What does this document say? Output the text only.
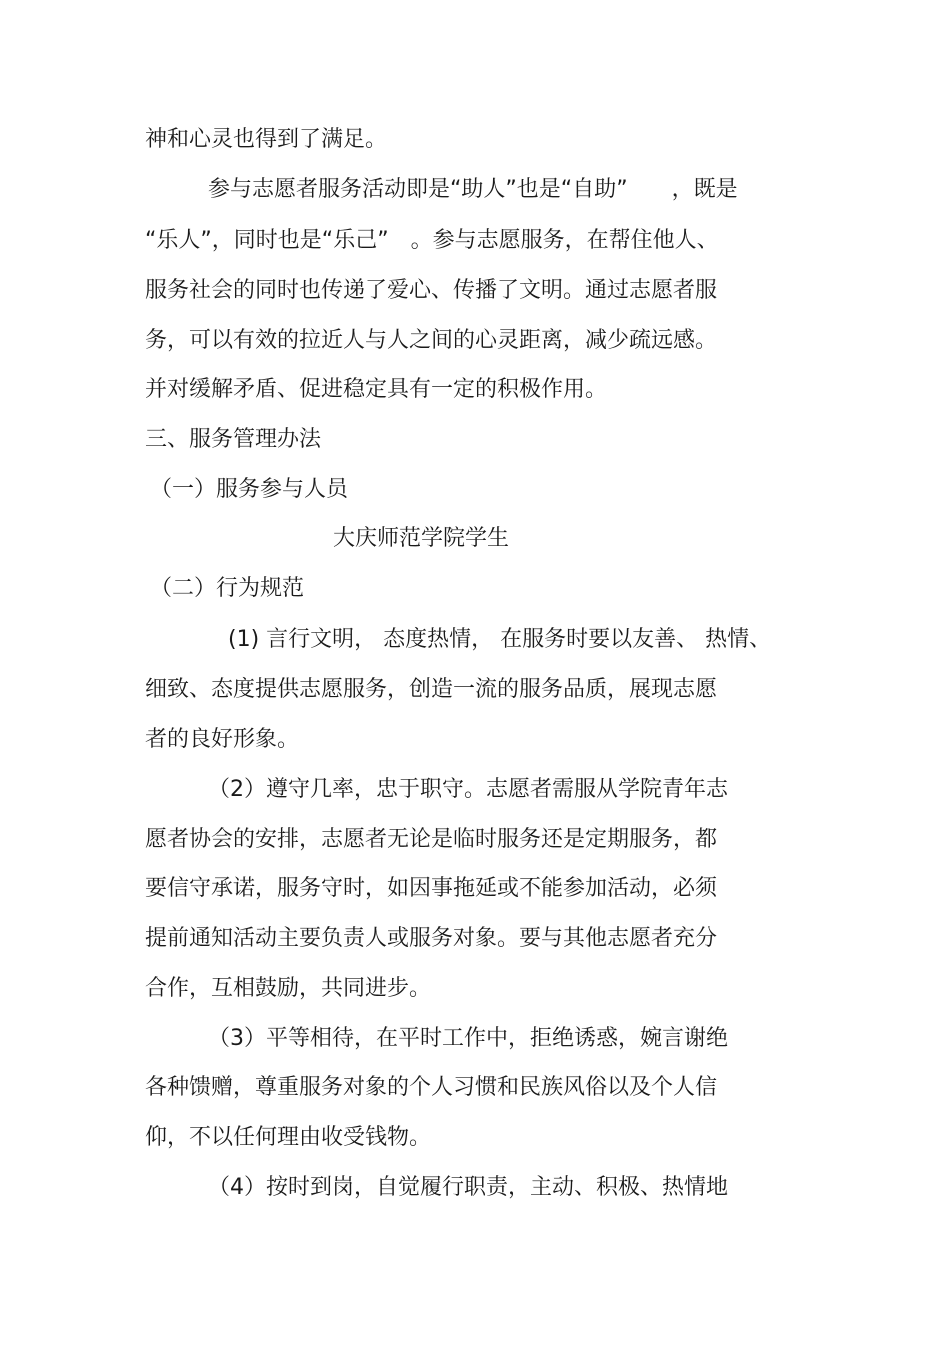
神和心灵也得到了满足。
参与志愿者服务活动即是“助人”也是“自助”　　，既是
“乐人”，同时也是“乐己”　。参与志愿服务，在帮住他人、
服务社会的同时也传递了爱心、传播了文明。通过志愿者服
务，可以有效的拉近人与人之间的心灵距离，减少疏远感。
并对缓解矛盾、促进稳定具有一定的积极作用。
三、服务管理办法
（一）服务参与人员
大庆师范学院学生
（二）行为规范
(1) 言行文明， 态度热情， 在服务时要以友善、 热情、
细致、态度提供志愿服务，创造一流的服务品质，展现志愿
者的良好形象。
（2）遵守几率，忠于职守。志愿者需服从学院青年志
愿者协会的安排，志愿者无论是临时服务还是定期服务，都
要信守承诺，服务守时，如因事拖延或不能参加活动，必须
提前通知活动主要负责人或服务对象。要与其他志愿者充分
合作，互相鼓励，共同进步。
（3）平等相待，在平时工作中，拒绝诱惑，婉言谢绝
各种馈赠，尊重服务对象的个人习惯和民族风俗以及个人信
仰，不以任何理由收受钱物。
（4）按时到岗，自觉履行职责，主动、积极、热情地
